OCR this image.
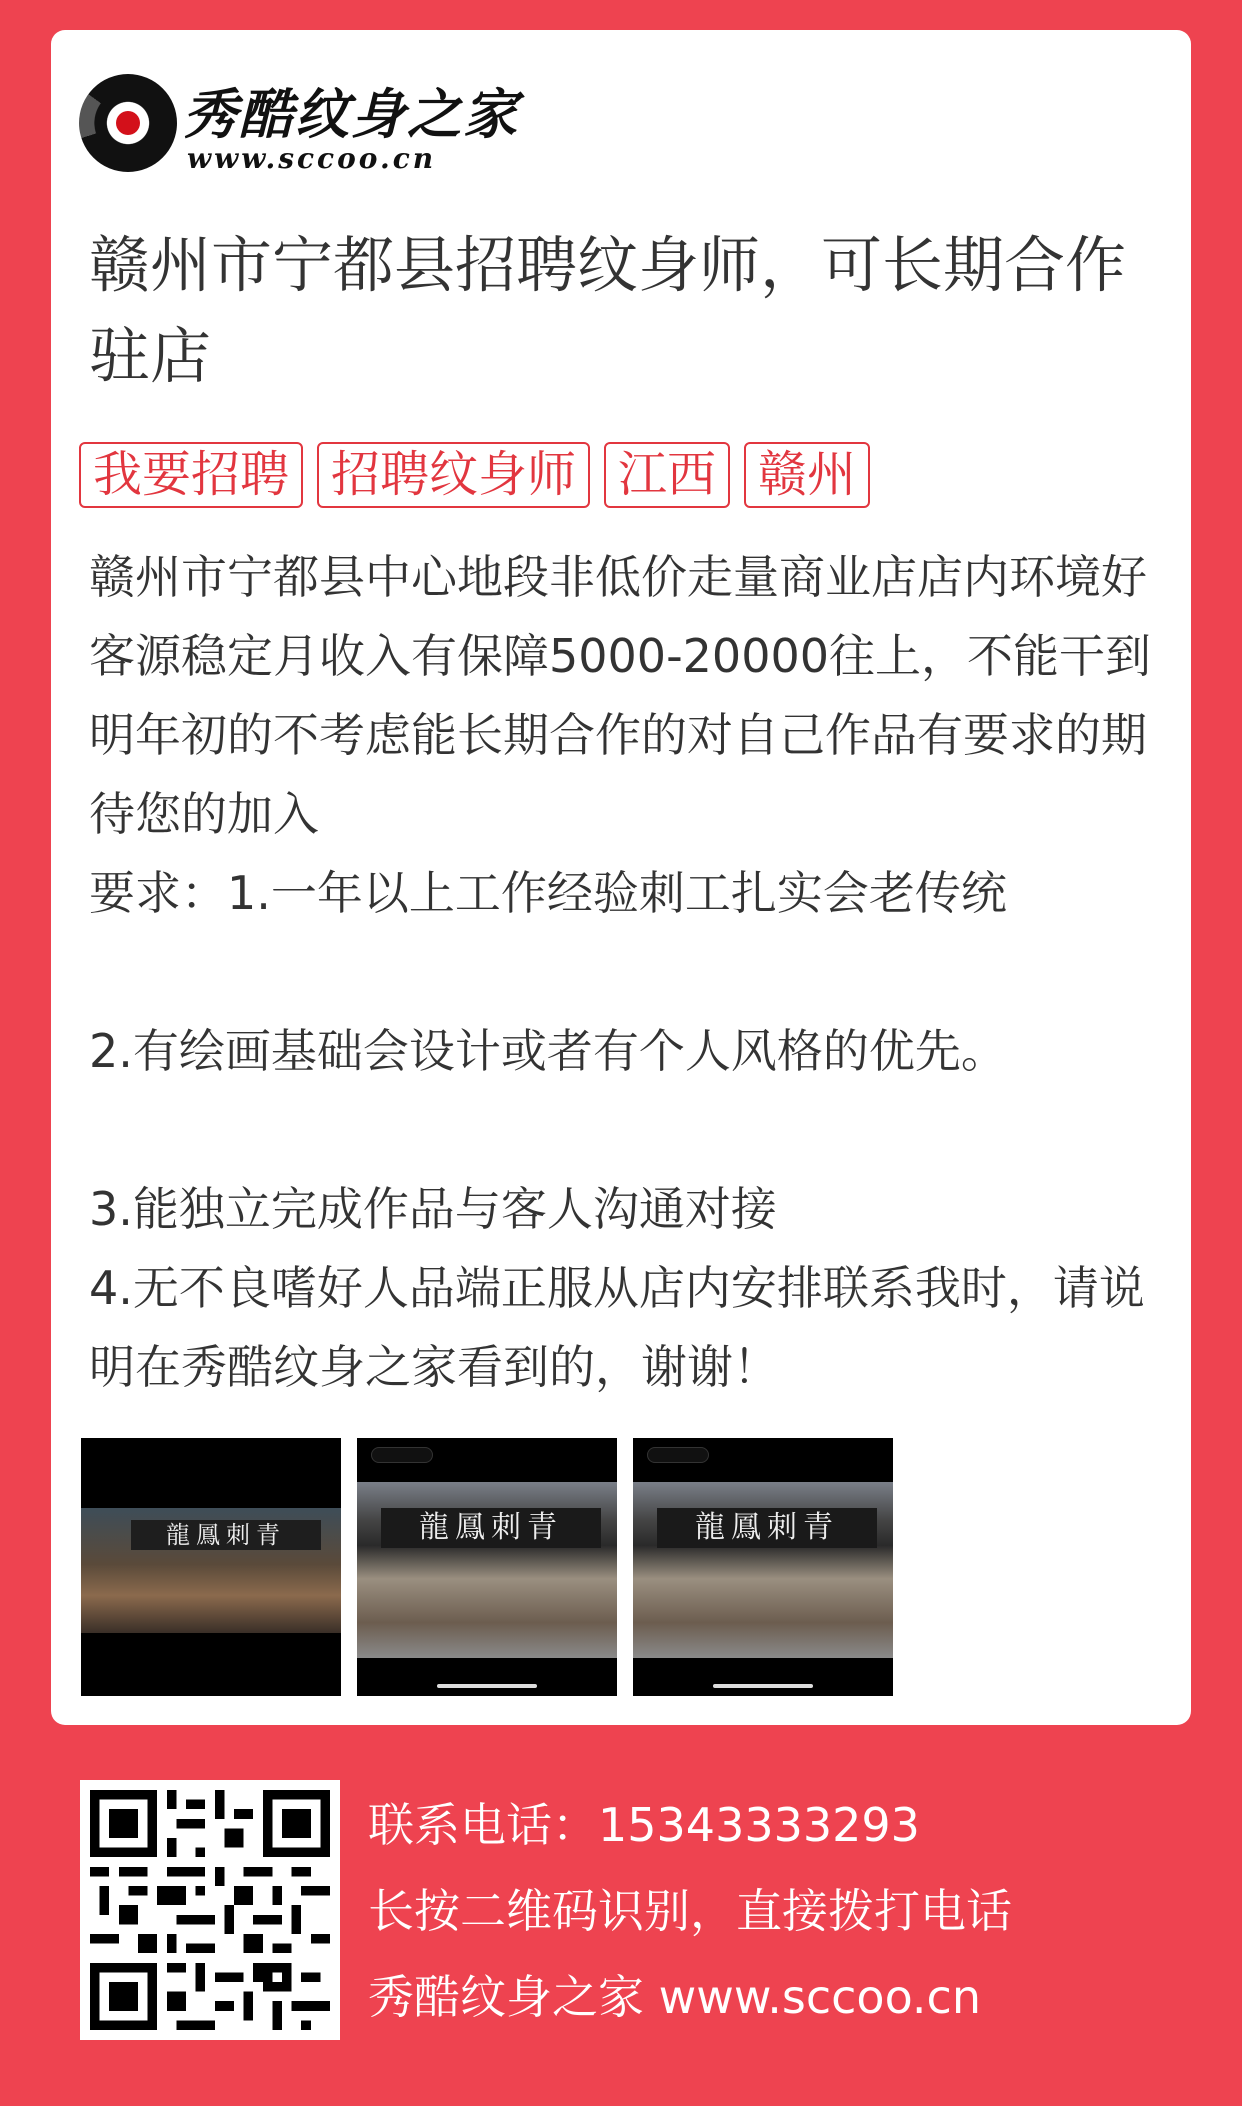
秀酷纹身之家
www.sccoo.cn
赣州市宁都县招聘纹身师，可长期合作驻店
我要招聘 招聘纹身师 江西 赣州
赣州市宁都县中心地段非低价走量商业店店内环境好客源稳定月收入有保障5000-20000往上，不能干到明年初的不考虑能长期合作的对自己作品有要求的期待您的加入
要求：1.一年以上工作经验刺工扎实会老传统

2.有绘画基础会设计或者有个人风格的优先。

3.能独立完成作品与客人沟通对接
4.无不良嗜好人品端正服从店内安排联系我时，请说明在秀酷纹身之家看到的，谢谢！
龍鳳刺青	龍鳳刺青	龍鳳刺青
联系电话：15343333293
长按二维码识别，直接拨打电话
秀酷纹身之家 www.sccoo.cn
